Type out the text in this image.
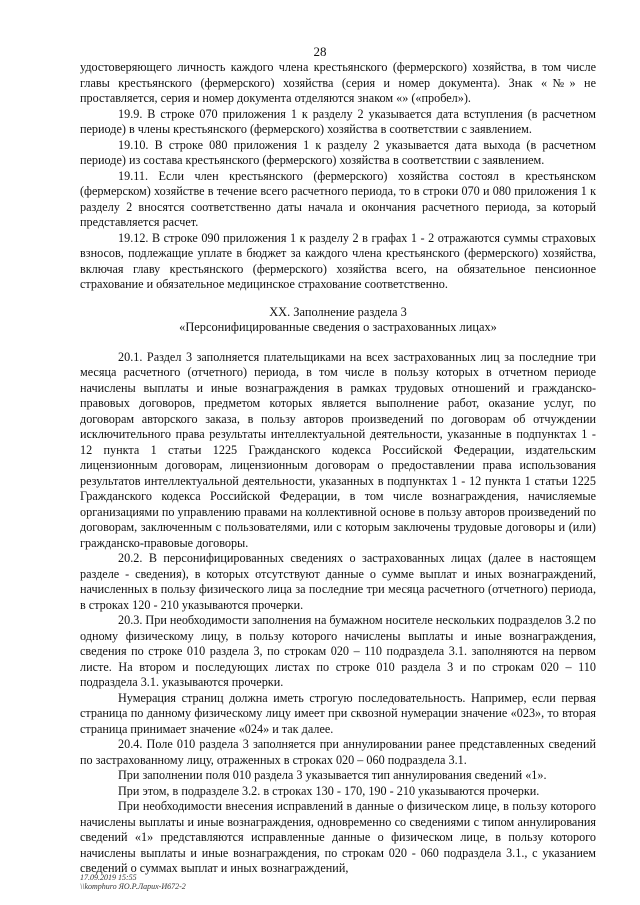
28

удостоверяющего личность каждого члена крестьянского (фермерского) хозяйства, в том числе главы крестьянского (фермерского) хозяйства (серия и номер документа). Знак «№» не проставляется, серия и номер документа отделяются знаком «» («пробел»).

19.9. В строке 070 приложения 1 к разделу 2 указывается дата вступления (в расчетном периоде) в члены крестьянского (фермерского) хозяйства в соответствии с заявлением.

19.10. В строке 080 приложения 1 к разделу 2 указывается дата выхода (в расчетном периоде) из состава крестьянского (фермерского) хозяйства в соответствии с заявлением.

19.11. Если член крестьянского (фермерского) хозяйства состоял в крестьянском (фермерском) хозяйстве в течение всего расчетного периода, то в строки 070 и 080 приложения 1 к разделу 2 вносятся соответственно даты начала и окончания расчетного периода, за который представляется расчет.

19.12. В строке 090 приложения 1 к разделу 2 в графах 1 - 2 отражаются суммы страховых взносов, подлежащие уплате в бюджет за каждого члена крестьянского (фермерского) хозяйства, включая главу крестьянского (фермерского) хозяйства всего, на обязательное пенсионное страхование и обязательное медицинское страхование соответственно.

XX. Заполнение раздела 3
«Персонифицированные сведения о застрахованных лицах»

20.1. Раздел 3 заполняется плательщиками на всех застрахованных лиц за последние три месяца расчетного (отчетного) периода, в том числе в пользу которых в отчетном периоде начислены выплаты и иные вознаграждения в рамках трудовых отношений и гражданско-правовых договоров, предметом которых является выполнение работ, оказание услуг, по договорам авторского заказа, в пользу авторов произведений по договорам об отчуждении исключительного права результаты интеллектуальной деятельности, указанные в подпунктах 1 - 12 пункта 1 статьи 1225 Гражданского кодекса Российской Федерации, издательским лицензионным договорам, лицензионным договорам о предоставлении права использования результатов интеллектуальной деятельности, указанных в подпунктах 1 - 12 пункта 1 статьи 1225 Гражданского кодекса Российской Федерации, в том числе вознаграждения, начисляемые организациями по управлению правами на коллективной основе в пользу авторов произведений по договорам, заключенным с пользователями, или с которым заключены трудовые договоры и (или) гражданско-правовые договоры.

20.2. В персонифицированных сведениях о застрахованных лицах (далее в настоящем разделе - сведения), в которых отсутствуют данные о сумме выплат и иных вознаграждений, начисленных в пользу физического лица за последние три месяца расчетного (отчетного) периода, в строках 120 - 210 указываются прочерки.

20.3. При необходимости заполнения на бумажном носителе нескольких подразделов 3.2 по одному физическому лицу, в пользу которого начислены выплаты и иные вознаграждения, сведения по строке 010 раздела 3, по строкам 020 – 110 подраздела 3.1. заполняются на первом листе. На втором и последующих листах по строке 010 раздела 3 и по строкам 020 – 110 подраздела 3.1. указываются прочерки.

Нумерация страниц должна иметь строгую последовательность. Например, если первая страница по данному физическому лицу имеет при сквозной нумерации значение «023», то вторая страница принимает значение «024» и так далее.

20.4. Поле 010 раздела 3 заполняется при аннулировании ранее представленных сведений по застрахованному лицу, отраженных в строках 020 – 060 подраздела 3.1.

При заполнении поля 010 раздела 3 указывается тип аннулирования сведений «1».

При этом, в подразделе 3.2. в строках 130 - 170, 190 - 210 указываются прочерки.

При необходимости внесения исправлений в данные о физическом лице, в пользу которого начислены выплаты и иные вознаграждения, одновременно со сведениями с типом аннулирования сведений «1» представляются исправленные данные о физическом лице, в пользу которого начислены выплаты и иные вознаграждения, по строкам 020 - 060 подраздела 3.1., с указанием сведений о суммах выплат и иных вознаграждений,

17.09.2019 15:55
\\komphuro ЯО.Р.Ларих-И672-2
